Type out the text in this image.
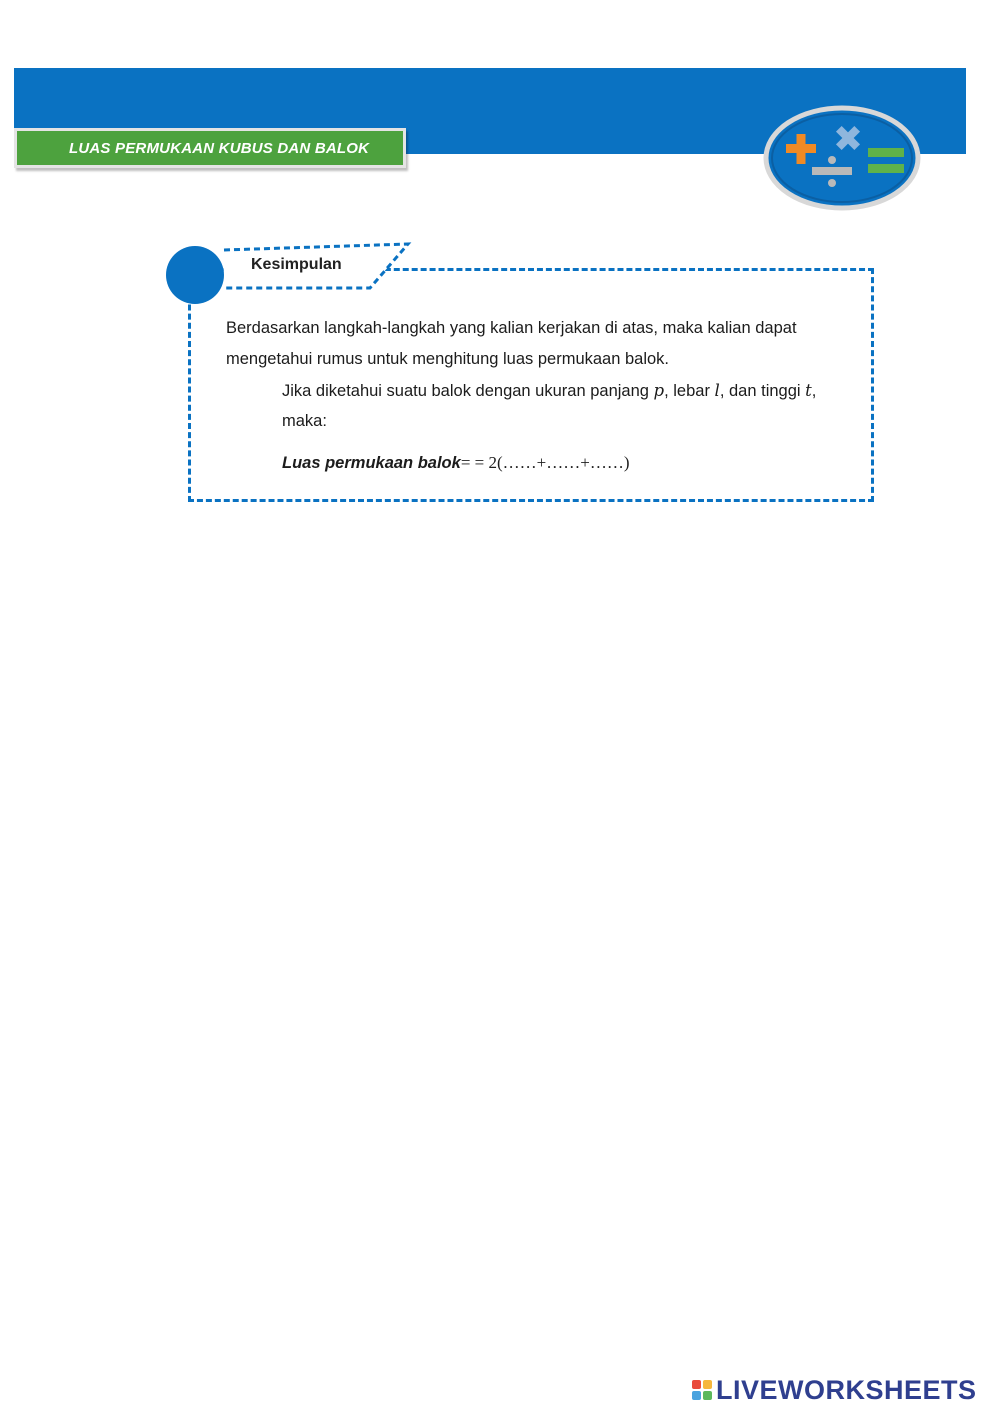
LUAS PERMUKAAN KUBUS DAN BALOK
Kesimpulan
Berdasarkan langkah-langkah yang kalian kerjakan di atas, maka kalian dapat
mengetahui rumus untuk menghitung luas permukaan balok.
Jika diketahui suatu balok dengan ukuran panjang p, lebar l, dan tinggi t,
maka:
Luas permukaan balok= = 2(……+……+……)
LIVEWORKSHEETS
